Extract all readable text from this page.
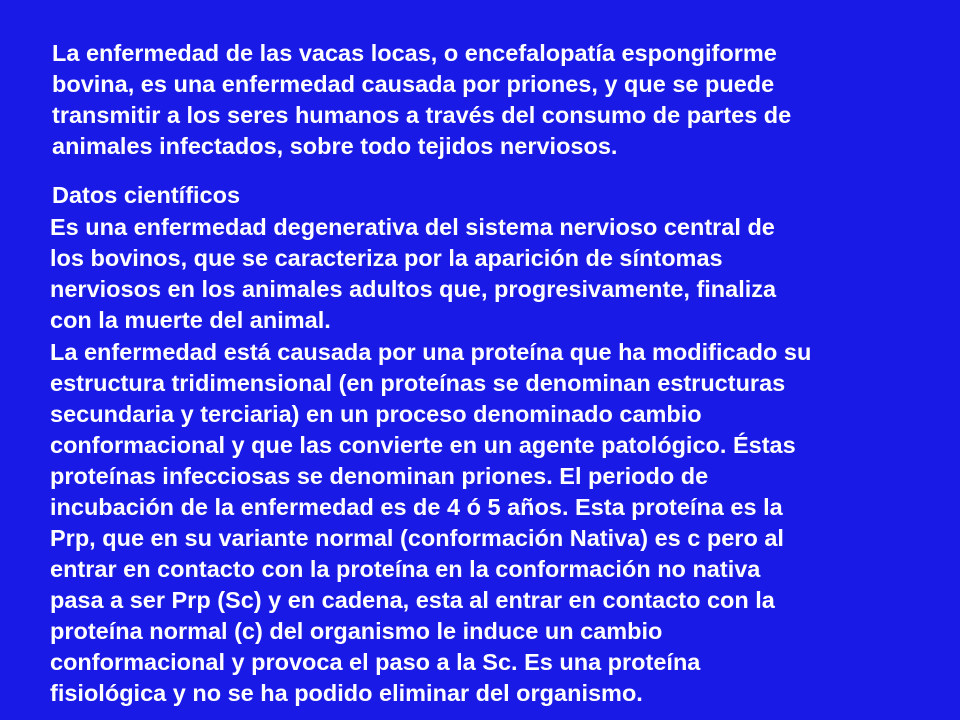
La enfermedad de las vacas locas, o encefalopatía espongiforme
bovina, es una enfermedad causada por priones, y que se puede
transmitir a los seres humanos a través del consumo de partes de
animales infectados, sobre todo tejidos nerviosos.
Datos científicos
Es una enfermedad degenerativa del sistema nervioso central de
los bovinos, que se caracteriza por la aparición de síntomas
nerviosos en los animales adultos que, progresivamente, finaliza
con la muerte del animal.
La enfermedad está causada por una proteína que ha modificado su
estructura tridimensional (en proteínas se denominan estructuras
secundaria y terciaria) en un proceso denominado cambio
conformacional y que las convierte en un agente patológico. Éstas
proteínas infecciosas se denominan priones. El periodo de
incubación de la enfermedad es de 4 ó 5 años. Esta proteína es la
Prp, que en su variante normal (conformación Nativa) es c pero al
entrar en contacto con la proteína en la conformación no nativa
pasa a ser Prp (Sc) y en cadena, esta al entrar en contacto con la
proteína normal (c) del organismo le induce un cambio
conformacional y provoca el paso a la Sc. Es una proteína
fisiológica y no se ha podido eliminar del organismo.
